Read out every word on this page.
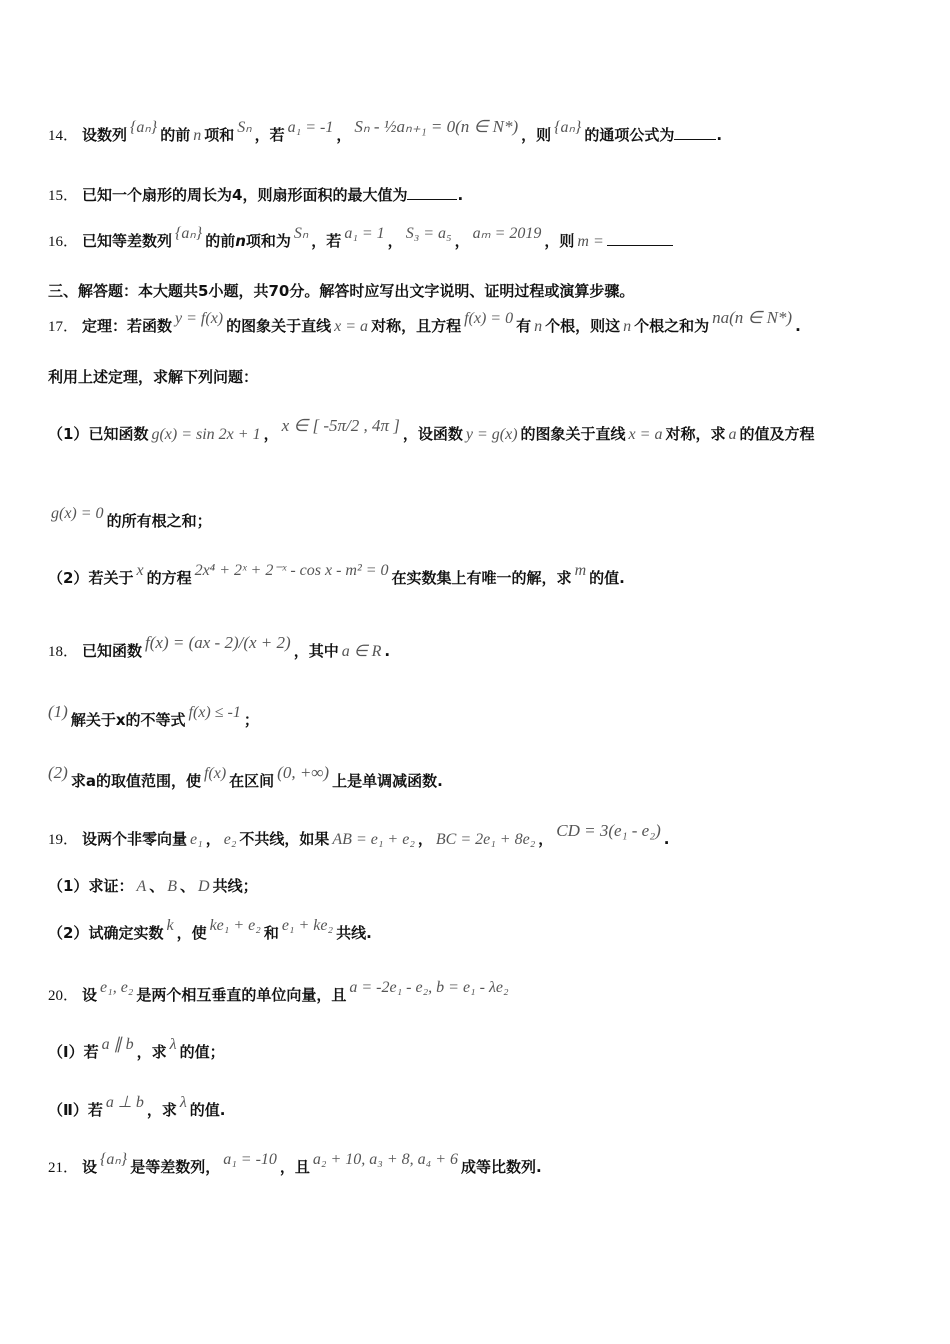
14． 设数列 {aₙ} 的前 n 项和 Sₙ ，若 a₁ = -1 ， Sₙ - ½aₙ₊₁ = 0(n ∈ N*) ，则 {aₙ} 的通项公式为	.
15． 已知一个扇形的周长为4，则扇形面积的最大值为	.
16． 已知等差数列 {aₙ} 的前n项和为 Sₙ ，若 a₁ = 1 ， S₃ = a₅ ， aₘ = 2019 ，则 m =
三、解答题：本大题共5小题，共70分。解答时应写出文字说明、证明过程或演算步骤。
17． 定理：若函数 y = f(x) 的图象关于直线 x = a 对称，且方程 f(x) = 0 有 n 个根，则这 n 个根之和为 na(n ∈ N*) .
利用上述定理，求解下列问题：
（1）已知函数 g(x) = sin 2x + 1 ， x ∈ [ -5π/2 , 4π ] ，设函数 y = g(x) 的图象关于直线 x = a 对称，求 a 的值及方程
g(x) = 0 的所有根之和；
（2）若关于 x 的方程 2x⁴ + 2ˣ + 2⁻ˣ - cos x - m² = 0 在实数集上有唯一的解，求 m 的值.
18． 已知函数 f(x) = (ax - 2)/(x + 2) ，其中 a ∈ R .
(1) 解关于x的不等式 f(x) ≤ -1 ；
(2) 求a的取值范围，使 f(x) 在区间 (0, +∞) 上是单调减函数.
19． 设两个非零向量 e₁ ， e₂ 不共线，如果 AB = e₁ + e₂ ， BC = 2e₁ + 8e₂ ， CD = 3(e₁ - e₂) .
（1）求证： A 、 B 、 D 共线；
（2）试确定实数 k ，使 ke₁ + e₂ 和 e₁ + ke₂ 共线.
20． 设 e₁, e₂ 是两个相互垂直的单位向量，且 a = -2e₁ - e₂, b = e₁ - λe₂
（Ⅰ）若 a ∥ b ，求 λ 的值；
（Ⅱ）若 a ⊥ b ，求 λ 的值.
21． 设 {aₙ} 是等差数列， a₁ = -10 ，且 a₂ + 10, a₃ + 8, a₄ + 6 成等比数列.
